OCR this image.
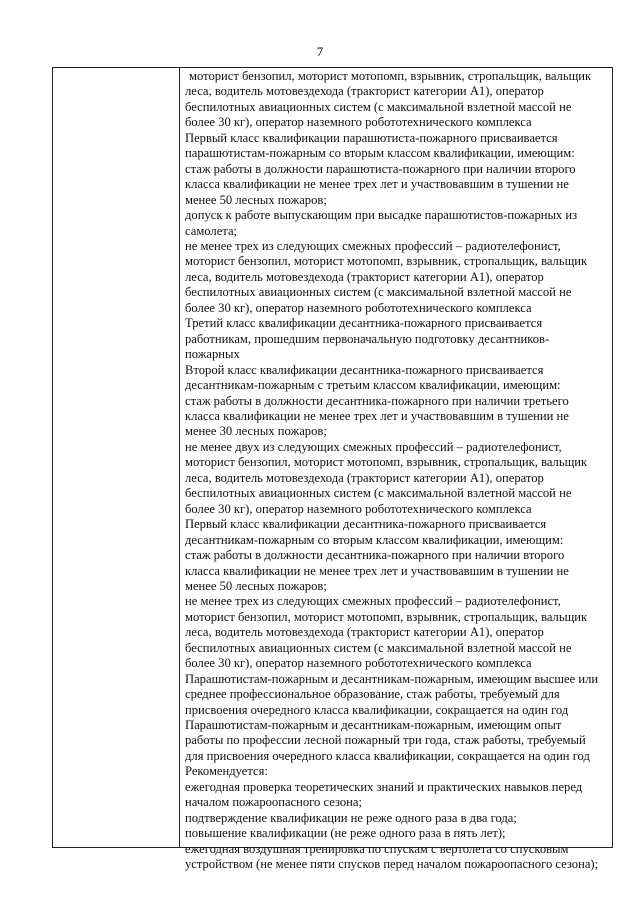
7
моторист бензопил, моторист мотопомп, взрывник, стропальщик, вальщик
леса, водитель мотовездехода (тракторист категории А1), оператор
беспилотных авиационных систем (с максимальной взлетной массой не
более 30 кг), оператор наземного робототехнического комплекса
Первый класс квалификации парашютиста-пожарного присваивается
парашютистам-пожарным со вторым классом квалификации, имеющим:
стаж работы в должности парашютиста-пожарного при наличии второго
класса квалификации не менее трех лет и участвовавшим в тушении не
менее 50 лесных пожаров;
допуск к работе выпускающим при высадке парашютистов-пожарных из
самолета;
не менее трех из следующих смежных профессий – радиотелефонист,
моторист бензопил, моторист мотопомп, взрывник, стропальщик, вальщик
леса, водитель мотовездехода (тракторист категории А1), оператор
беспилотных авиационных систем (с максимальной взлетной массой не
более 30 кг), оператор наземного робототехнического комплекса
Третий класс квалификации десантника-пожарного присваивается
работникам, прошедшим первоначальную подготовку десантников-
пожарных
Второй класс квалификации десантника-пожарного присваивается
десантникам-пожарным с третьим классом квалификации, имеющим:
стаж работы в должности десантника-пожарного при наличии третьего
класса квалификации не менее трех лет и участвовавшим в тушении не
менее 30 лесных пожаров;
не менее двух из следующих смежных профессий – радиотелефонист,
моторист бензопил, моторист мотопомп, взрывник, стропальщик, вальщик
леса, водитель мотовездехода (тракторист категории А1), оператор
беспилотных авиационных систем (с максимальной взлетной массой не
более 30 кг), оператор наземного робототехнического комплекса
Первый класс квалификации десантника-пожарного присваивается
десантникам-пожарным со вторым классом квалификации, имеющим:
стаж работы в должности десантника-пожарного при наличии второго
класса квалификации не менее трех лет и участвовавшим в тушении не
менее 50 лесных пожаров;
не менее трех из следующих смежных профессий – радиотелефонист,
моторист бензопил, моторист мотопомп, взрывник, стропальщик, вальщик
леса, водитель мотовездехода (тракторист категории А1), оператор
беспилотных авиационных систем (с максимальной взлетной массой не
более 30 кг), оператор наземного робототехнического комплекса
Парашютистам-пожарным и десантникам-пожарным, имеющим высшее или
среднее профессиональное образование, стаж работы, требуемый для
присвоения очередного класса квалификации, сокращается на один год
Парашютистам-пожарным и десантникам-пожарным, имеющим опыт
работы по профессии лесной пожарный три года, стаж работы, требуемый
для присвоения очередного класса квалификации, сокращается на один год
Рекомендуется:
ежегодная проверка теоретических знаний и практических навыков перед
началом пожароопасного сезона;
подтверждение квалификации не реже одного раза в два года;
повышение квалификации (не реже одного раза в пять лет);
ежегодная воздушная тренировка по спускам с вертолета со спусковым
устройством (не менее пяти спусков перед началом пожароопасного сезона);
